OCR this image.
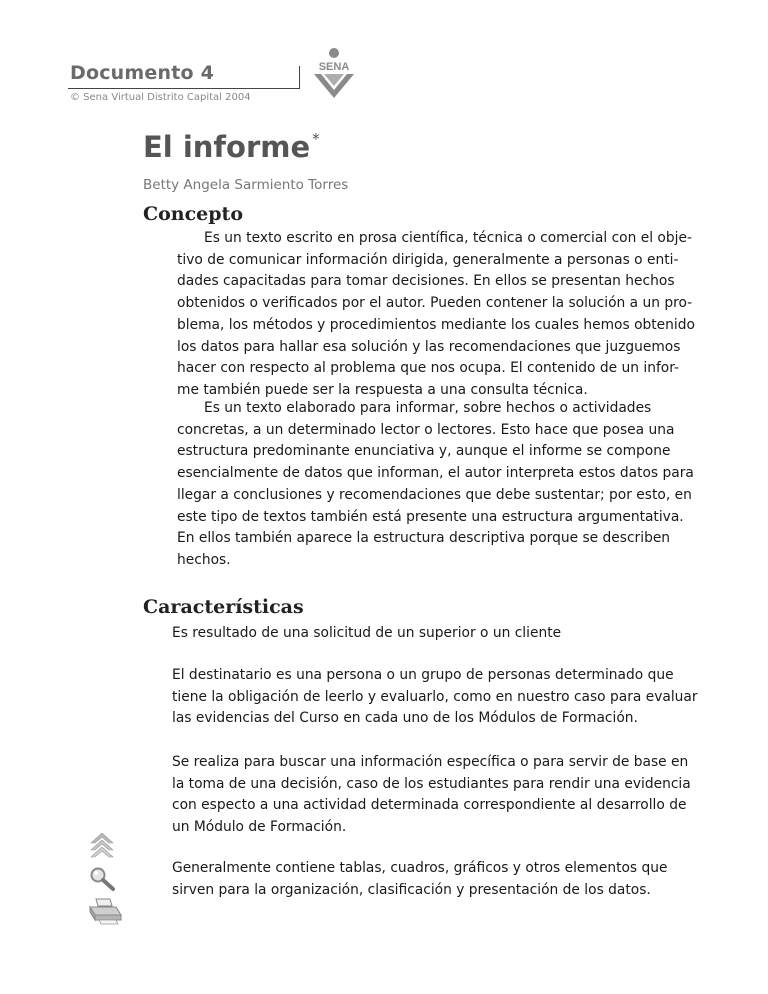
Documento 4
© Sena Virtual Distrito Capital 2004
SENA
El informe *
Betty Angela Sarmiento Torres
Concepto
Es un texto escrito en prosa científica, técnica o comercial con el obje-
tivo de comunicar información dirigida, generalmente a personas o enti-
dades capacitadas para tomar decisiones. En ellos se presentan hechos
obtenidos o verificados por el autor. Pueden contener la solución a un pro-
blema, los métodos y procedimientos mediante los cuales hemos obtenido
los datos para hallar esa solución y las recomendaciones que juzguemos
hacer con respecto al problema que nos ocupa. El contenido de un infor-
me también puede ser la respuesta a una consulta técnica.
Es un texto elaborado para informar, sobre hechos o actividades
concretas, a un determinado lector o lectores. Esto hace que posea una
estructura predominante enunciativa y, aunque el informe se compone
esencialmente de datos que informan, el autor interpreta estos datos para
llegar a conclusiones y recomendaciones que debe sustentar; por esto, en
este tipo de textos también está presente una estructura argumentativa.
En ellos también aparece la estructura descriptiva porque se describen
hechos.
Características
Es resultado de una solicitud de un superior o un cliente
El destinatario es una persona o un grupo de personas determinado que
tiene la obligación de leerlo y evaluarlo, como en nuestro caso para evaluar
las evidencias del Curso en cada uno de los Módulos de Formación.
Se realiza para buscar una información específica o para servir de base en
la toma de una decisión, caso de los estudiantes para rendir una evidencia
con especto a una actividad determinada correspondiente al desarrollo de
un Módulo de Formación.
Generalmente contiene tablas, cuadros, gráficos y otros elementos que
sirven para la organización, clasificación y presentación de los datos.
